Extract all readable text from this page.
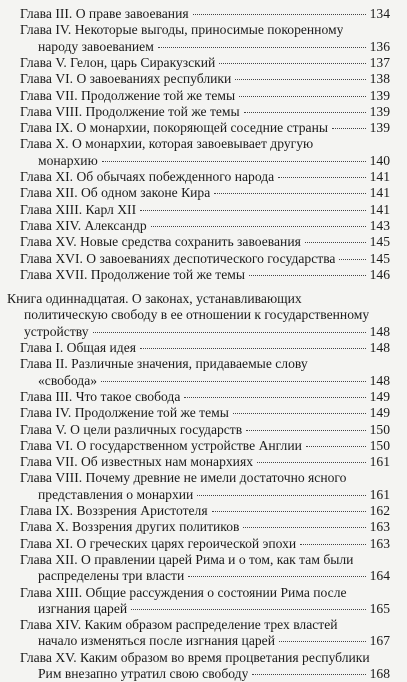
Глава III. О праве завоевания	134
Глава IV. Некоторые выгоды, приносимые покоренному
народу завоеванием	136
Глава V. Гелон, царь Сиракузский	137
Глава VI. О завоеваниях республики	138
Глава VII. Продолжение той же темы	139
Глава VIII. Продолжение той же темы	139
Глава IX. О монархии, покоряющей соседние страны	139
Глава X. О монархии, которая завоевывает другую
монархию	140
Глава XI. Об обычаях побежденного народа	141
Глава XII. Об одном законе Кира	141
Глава XIII. Карл XII	141
Глава XIV. Александр	143
Глава XV. Новые средства сохранить завоевания	145
Глава XVI. О завоеваниях деспотического государства	145
Глава XVII. Продолжение той же темы	146
Книга одиннадцатая. О законах, устанавливающих
политическую свободу в ее отношении к государственному
устройству	148
Глава I. Общая идея	148
Глава II. Различные значения, придаваемые слову
«свобода»	148
Глава III. Что такое свобода	149
Глава IV. Продолжение той же темы	149
Глава V. О цели различных государств	150
Глава VI. О государственном устройстве Англии	150
Глава VII. Об известных нам монархиях	161
Глава VIII. Почему древние не имели достаточно ясного
представления о монархии	161
Глава IX. Воззрения Аристотеля	162
Глава X. Воззрения других политиков	163
Глава XI. О греческих царях героической эпохи	163
Глава XII. О правлении царей Рима и о том, как там были
распределены три власти	164
Глава XIII. Общие рассуждения о состоянии Рима после
изгнания царей	165
Глава XIV. Каким образом распределение трех властей
начало изменяться после изгнания царей	167
Глава XV. Каким образом во время процветания республики
Рим внезапно утратил свою свободу	168
